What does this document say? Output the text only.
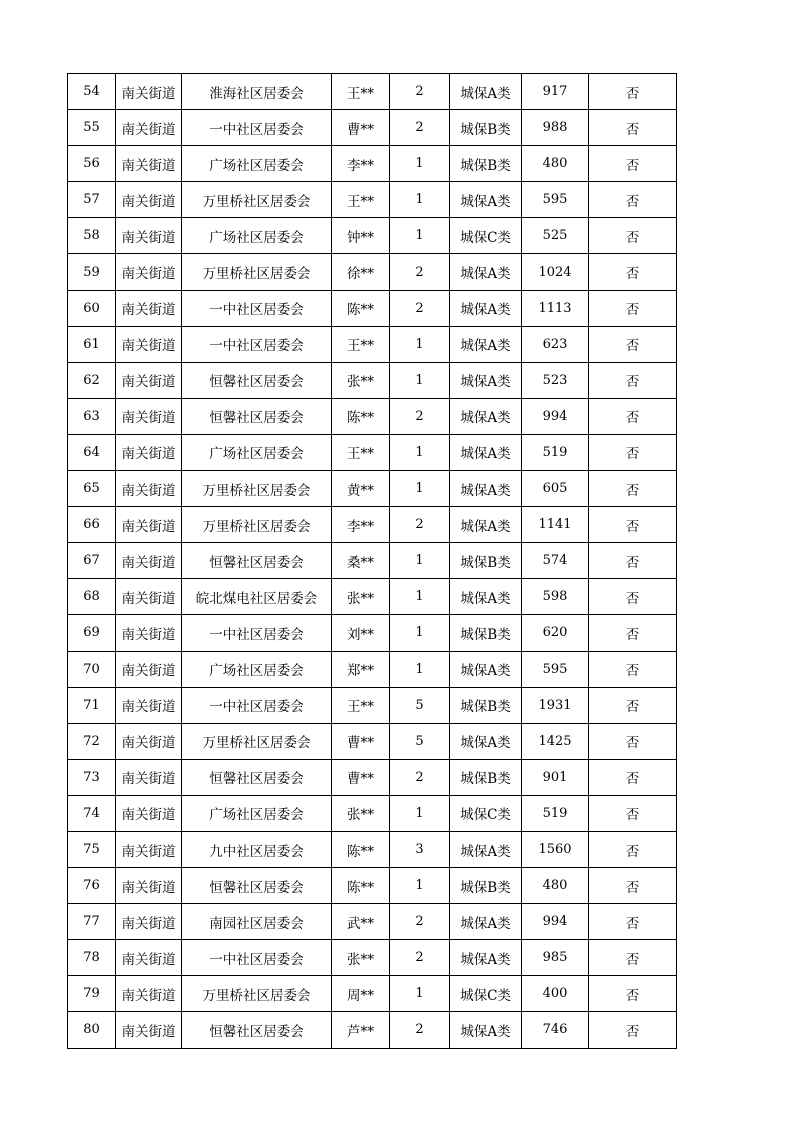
54	南关街道	淮海社区居委会	王**	2	城保A类	917	否
55	南关街道	一中社区居委会	曹**	2	城保B类	988	否
56	南关街道	广场社区居委会	李**	1	城保B类	480	否
57	南关街道	万里桥社区居委会	王**	1	城保A类	595	否
58	南关街道	广场社区居委会	钟**	1	城保C类	525	否
59	南关街道	万里桥社区居委会	徐**	2	城保A类	1024	否
60	南关街道	一中社区居委会	陈**	2	城保A类	1113	否
61	南关街道	一中社区居委会	王**	1	城保A类	623	否
62	南关街道	恒馨社区居委会	张**	1	城保A类	523	否
63	南关街道	恒馨社区居委会	陈**	2	城保A类	994	否
64	南关街道	广场社区居委会	王**	1	城保A类	519	否
65	南关街道	万里桥社区居委会	黄**	1	城保A类	605	否
66	南关街道	万里桥社区居委会	李**	2	城保A类	1141	否
67	南关街道	恒馨社区居委会	桑**	1	城保B类	574	否
68	南关街道	皖北煤电社区居委会	张**	1	城保A类	598	否
69	南关街道	一中社区居委会	刘**	1	城保B类	620	否
70	南关街道	广场社区居委会	郑**	1	城保A类	595	否
71	南关街道	一中社区居委会	王**	5	城保B类	1931	否
72	南关街道	万里桥社区居委会	曹**	5	城保A类	1425	否
73	南关街道	恒馨社区居委会	曹**	2	城保B类	901	否
74	南关街道	广场社区居委会	张**	1	城保C类	519	否
75	南关街道	九中社区居委会	陈**	3	城保A类	1560	否
76	南关街道	恒馨社区居委会	陈**	1	城保B类	480	否
77	南关街道	南园社区居委会	武**	2	城保A类	994	否
78	南关街道	一中社区居委会	张**	2	城保A类	985	否
79	南关街道	万里桥社区居委会	周**	1	城保C类	400	否
80	南关街道	恒馨社区居委会	芦**	2	城保A类	746	否
